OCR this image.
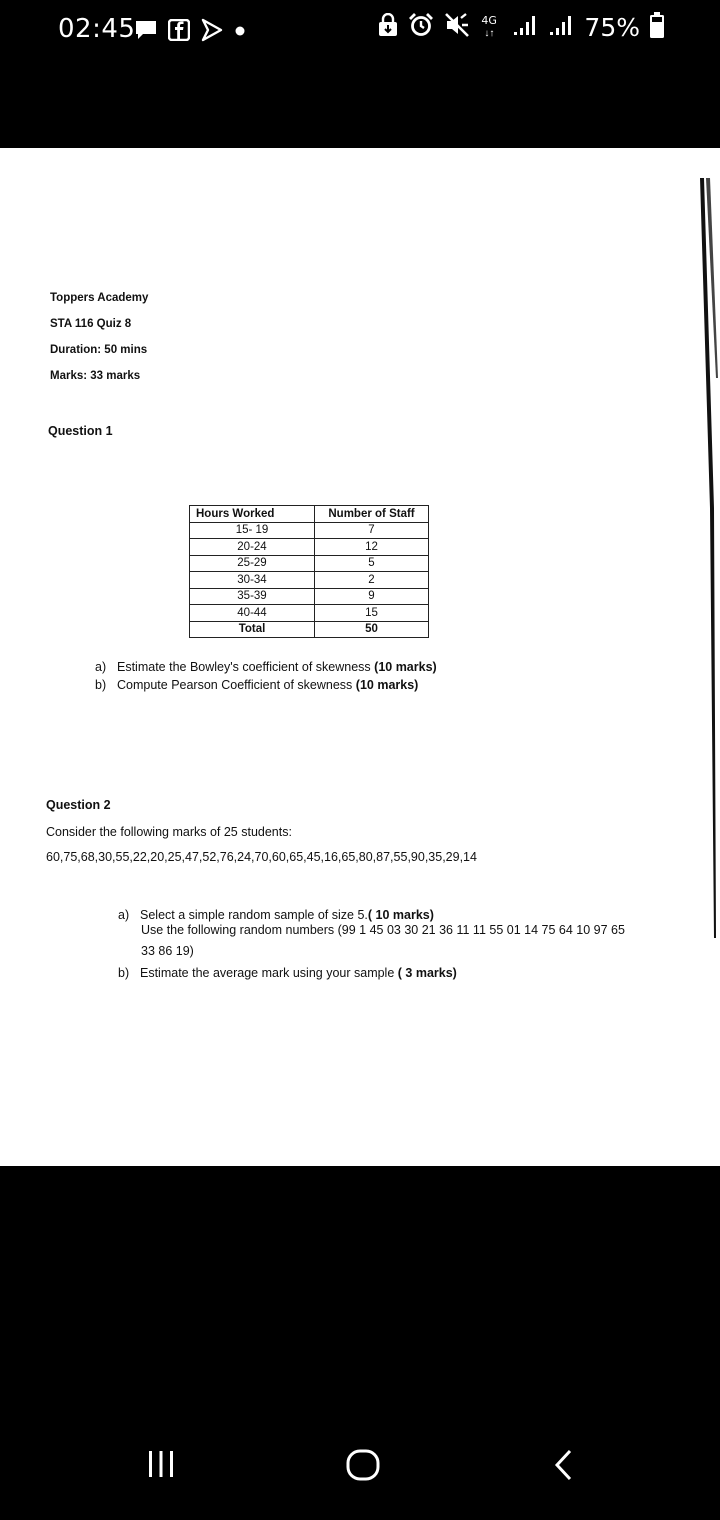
02:45	4G
↓↑	75%
Toppers Academy
STA 116 Quiz 8
Duration: 50 mins
Marks: 33 marks
Question 1
Hours Worked	Number of Staff
15- 19	7
20-24	12
25-29	5
30-34	2
35-39	9
40-44	15
Total	50
a) Estimate the Bowley's coefficient of skewness (10 marks)
b) Compute Pearson Coefficient of skewness (10 marks)
Question 2
Consider the following marks of 25 students:
60,75,68,30,55,22,20,25,47,52,76,24,70,60,65,45,16,65,80,87,55,90,35,29,14
a) Select a simple random sample of size 5.( 10 marks)
Use the following random numbers (99 1 45 03 30 21 36 11 11 55 01 14 75 64 10 97 65
33 86 19)
b) Estimate the average mark using your sample ( 3 marks)
